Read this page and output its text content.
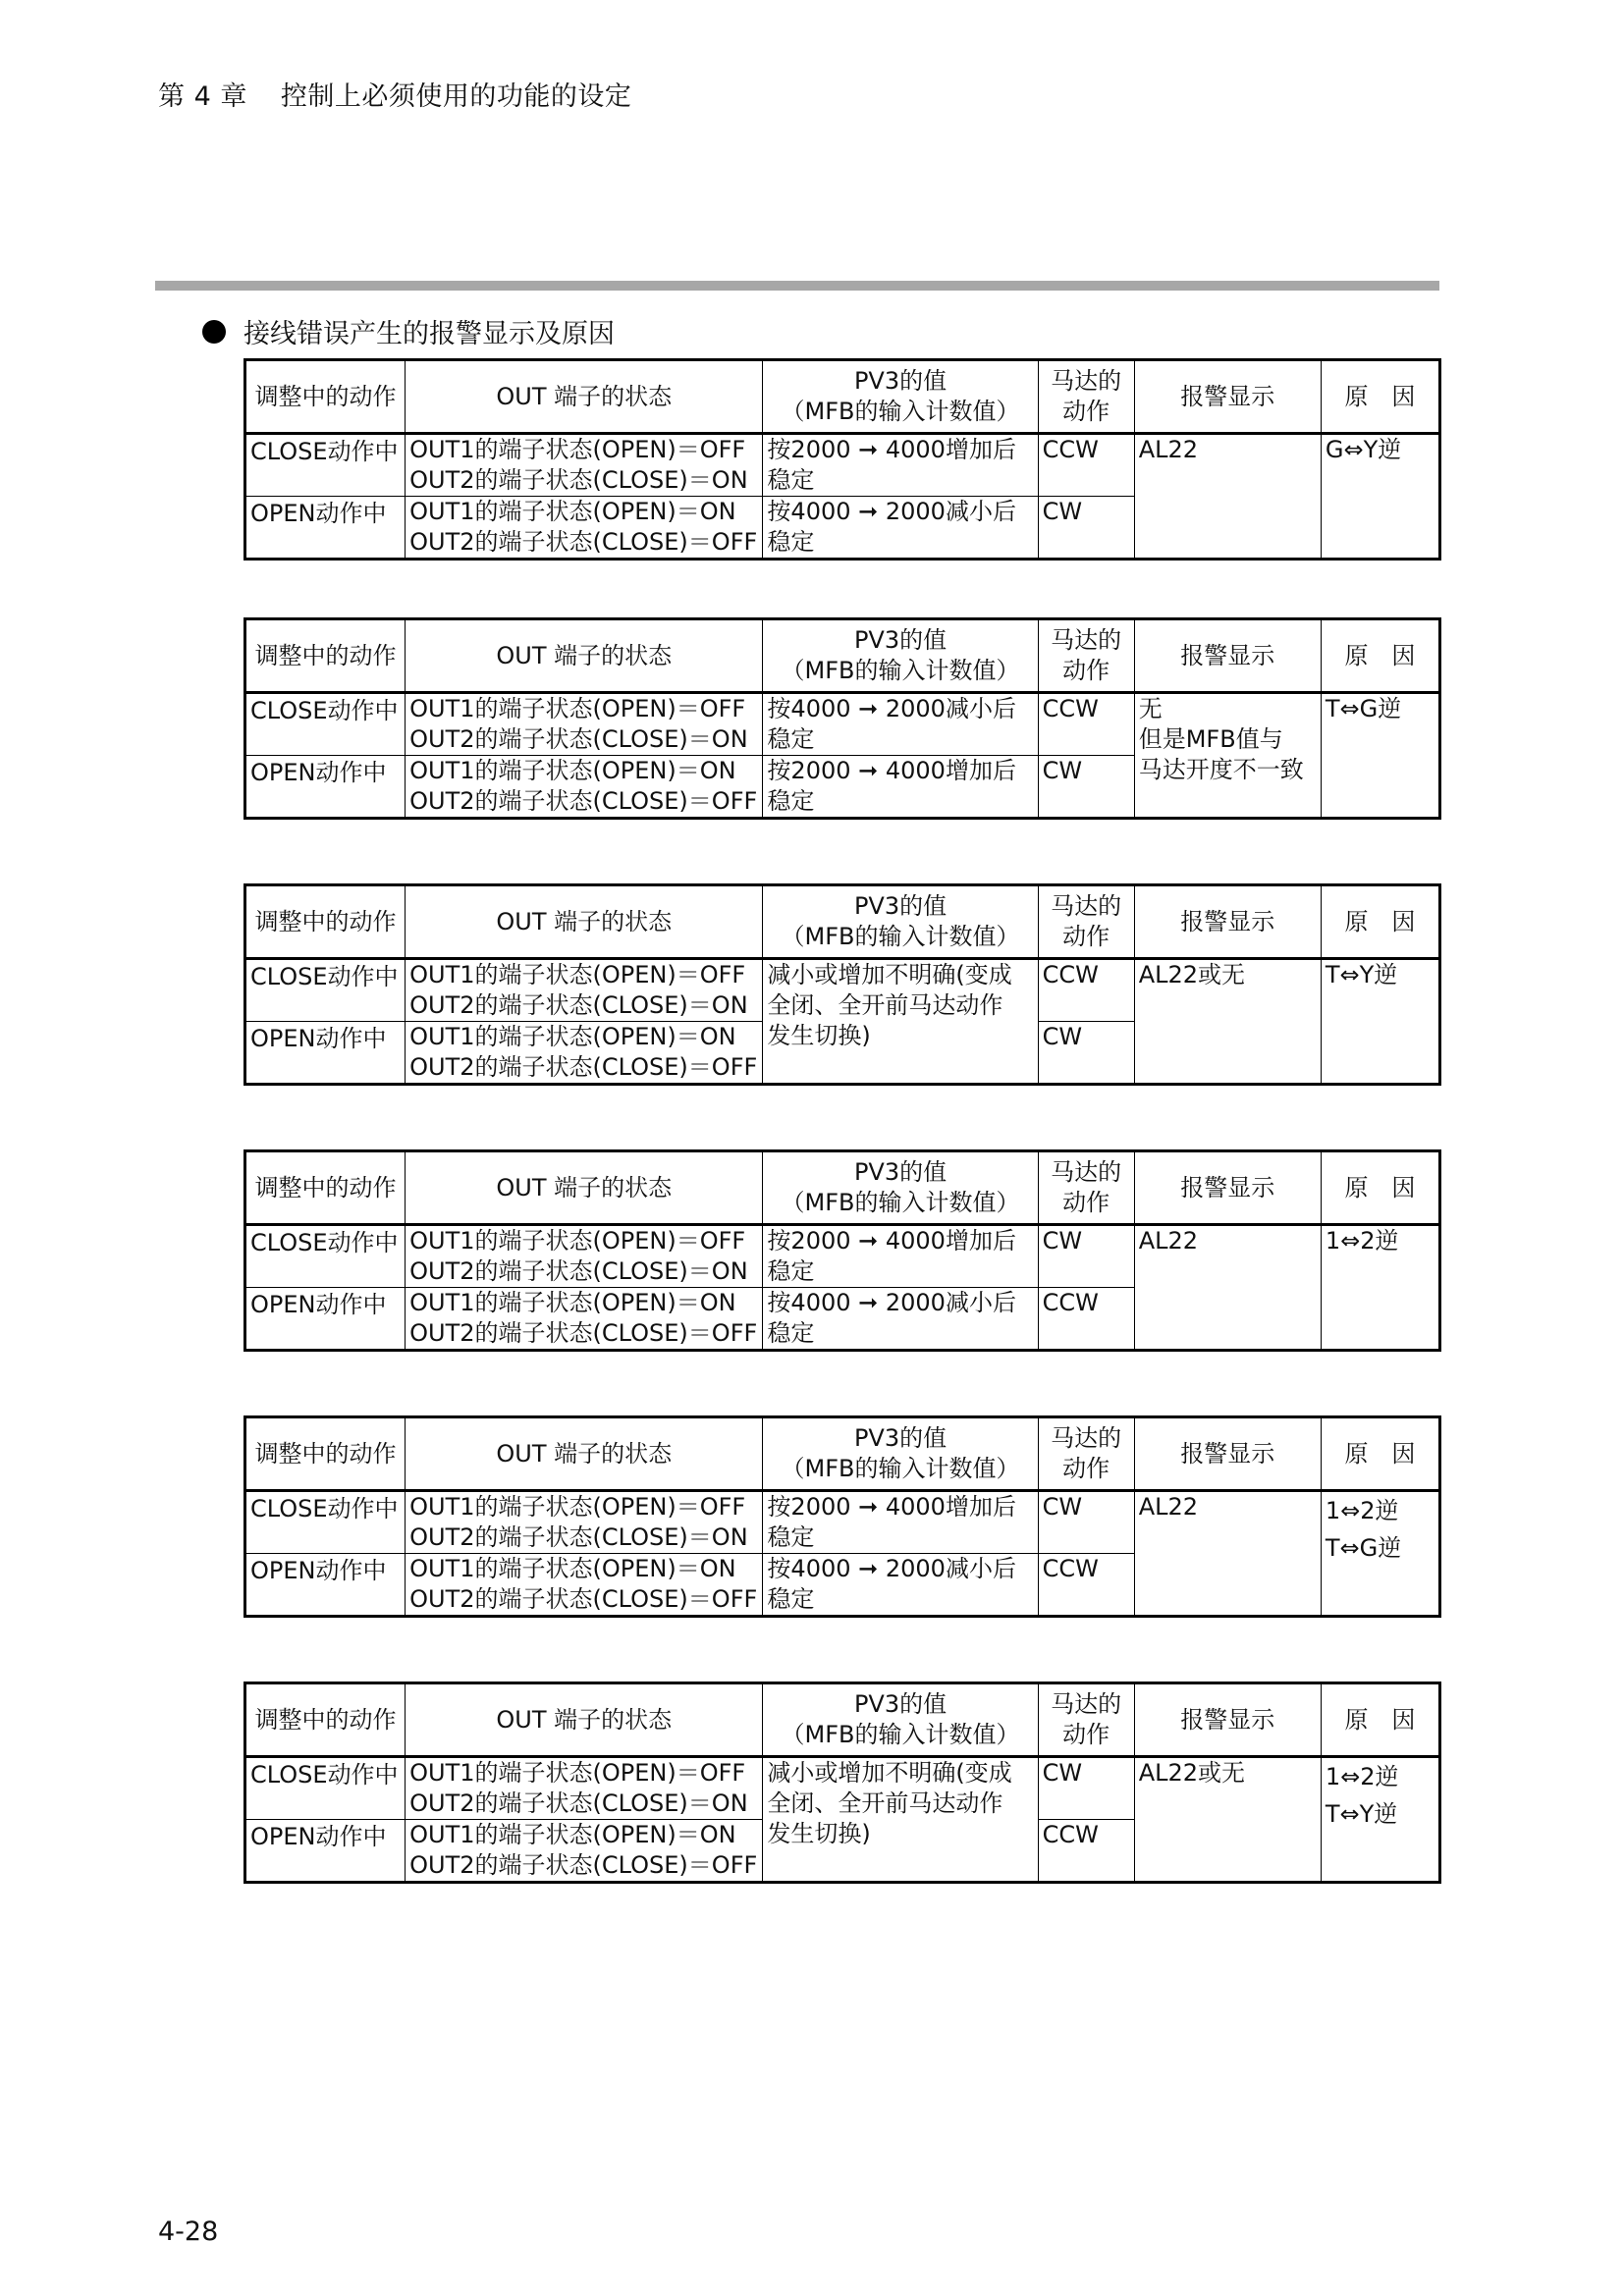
第 4 章 控制上必须使用的功能的设定
接线错误产生的报警显示及原因
调整中的动作	OUT 端子的状态	PV3的值
（MFB的输入计数值）	马达的
动作	报警显示	原　因
CLOSE动作中	OUT1的端子状态(OPEN)＝OFF
OUT2的端子状态(CLOSE)＝ON	按2000 ➞ 4000增加后
稳定	CCW	AL22	G⇔Y逆
OPEN动作中	OUT1的端子状态(OPEN)＝ON
OUT2的端子状态(CLOSE)＝OFF	按4000 ➞ 2000减小后
稳定	CW		
调整中的动作	OUT 端子的状态	PV3的值
（MFB的输入计数值）	马达的
动作	报警显示	原　因
CLOSE动作中	OUT1的端子状态(OPEN)＝OFF
OUT2的端子状态(CLOSE)＝ON	按4000 ➞ 2000减小后
稳定	CCW	无
但是MFB值与
马达开度不一致	T⇔G逆
OPEN动作中	OUT1的端子状态(OPEN)＝ON
OUT2的端子状态(CLOSE)＝OFF	按2000 ➞ 4000增加后
稳定	CW		
调整中的动作	OUT 端子的状态	PV3的值
（MFB的输入计数值）	马达的
动作	报警显示	原　因
CLOSE动作中	OUT1的端子状态(OPEN)＝OFF
OUT2的端子状态(CLOSE)＝ON	减小或增加不明确(变成
全闭、全开前马达动作
发生切换)	CCW	AL22或无	T⇔Y逆
OPEN动作中	OUT1的端子状态(OPEN)＝ON
OUT2的端子状态(CLOSE)＝OFF		CW		
调整中的动作	OUT 端子的状态	PV3的值
（MFB的输入计数值）	马达的
动作	报警显示	原　因
CLOSE动作中	OUT1的端子状态(OPEN)＝OFF
OUT2的端子状态(CLOSE)＝ON	按2000 ➞ 4000增加后
稳定	CW	AL22	1⇔2逆
OPEN动作中	OUT1的端子状态(OPEN)＝ON
OUT2的端子状态(CLOSE)＝OFF	按4000 ➞ 2000减小后
稳定	CCW		
调整中的动作	OUT 端子的状态	PV3的值
（MFB的输入计数值）	马达的
动作	报警显示	原　因
CLOSE动作中	OUT1的端子状态(OPEN)＝OFF
OUT2的端子状态(CLOSE)＝ON	按2000 ➞ 4000增加后
稳定	CW	AL22	1⇔2逆
T⇔G逆
OPEN动作中	OUT1的端子状态(OPEN)＝ON
OUT2的端子状态(CLOSE)＝OFF	按4000 ➞ 2000减小后
稳定	CCW		
调整中的动作	OUT 端子的状态	PV3的值
（MFB的输入计数值）	马达的
动作	报警显示	原　因
CLOSE动作中	OUT1的端子状态(OPEN)＝OFF
OUT2的端子状态(CLOSE)＝ON	减小或增加不明确(变成
全闭、全开前马达动作
发生切换)	CW	AL22或无	1⇔2逆
T⇔Y逆
OPEN动作中	OUT1的端子状态(OPEN)＝ON
OUT2的端子状态(CLOSE)＝OFF		CCW		
4-28
